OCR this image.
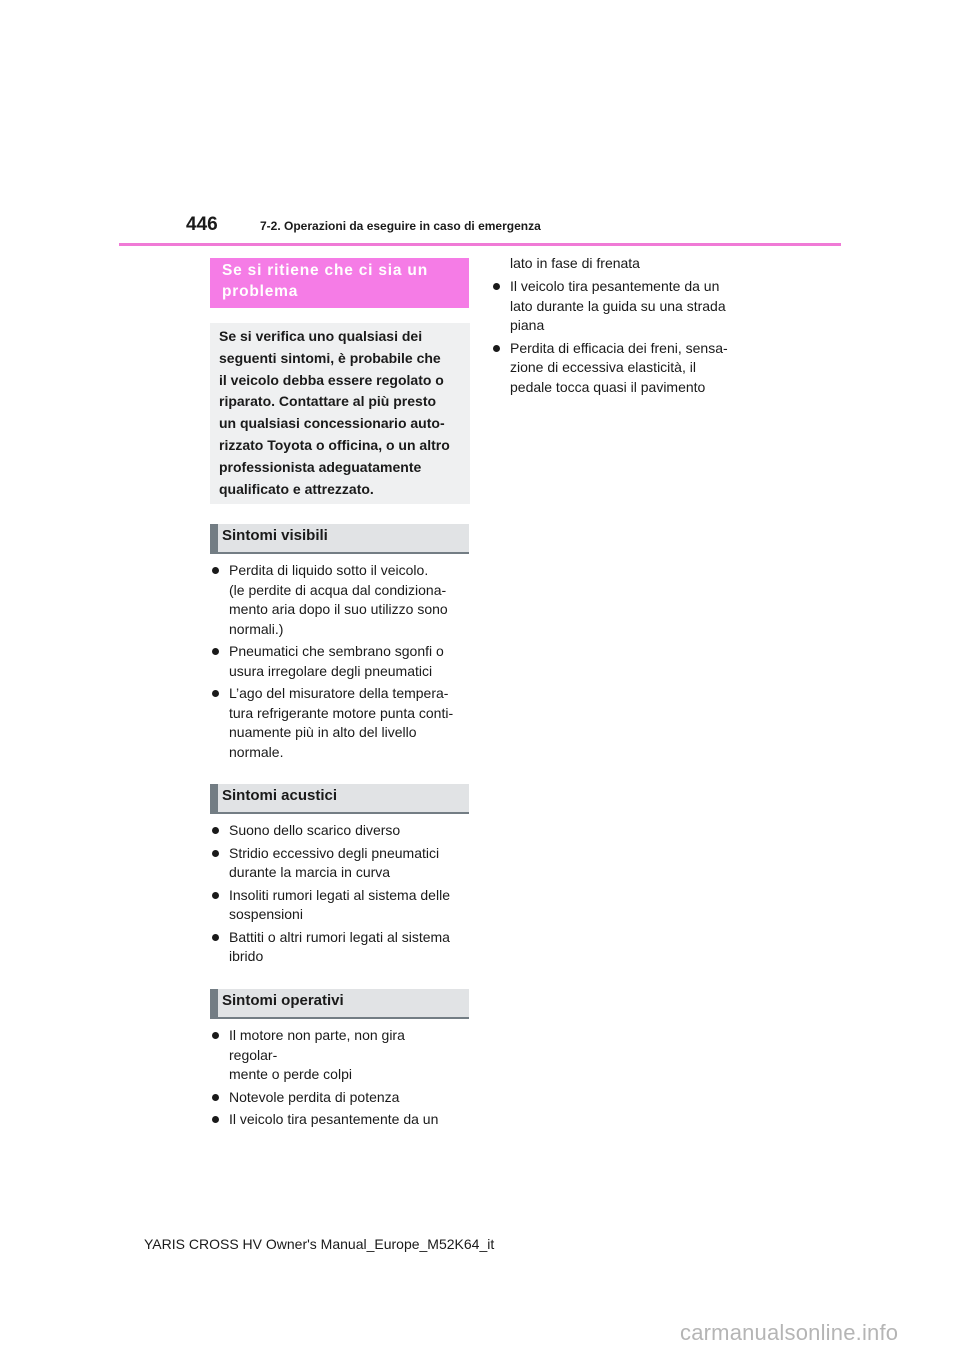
446	7-2. Operazioni da eseguire in caso di emergenza
Se si ritiene che ci sia un
problema
Se si verifica uno qualsiasi dei
seguenti sintomi, è probabile che
il veicolo debba essere regolato o
riparato. Contattare al più presto
un qualsiasi concessionario auto-
rizzato Toyota o officina, o un altro
professionista adeguatamente
qualificato e attrezzato.
Sintomi visibili
Perdita di liquido sotto il veicolo.
(le perdite di acqua dal condiziona-
mento aria dopo il suo utilizzo sono
normali.)
Pneumatici che sembrano sgonfi o
usura irregolare degli pneumatici
L’ago del misuratore della tempera-
tura refrigerante motore punta conti-
nuamente più in alto del livello
normale.
Sintomi acustici
Suono dello scarico diverso
Stridio eccessivo degli pneumatici
durante la marcia in curva
Insoliti rumori legati al sistema delle
sospensioni
Battiti o altri rumori legati al sistema
ibrido
Sintomi operativi
Il motore non parte, non gira regolar-
mente o perde colpi
Notevole perdita di potenza
Il veicolo tira pesantemente da un
lato in fase di frenata
Il veicolo tira pesantemente da un
lato durante la guida su una strada
piana
Perdita di efficacia dei freni, sensa-
zione di eccessiva elasticità, il
pedale tocca quasi il pavimento
YARIS CROSS HV Owner's Manual_Europe_M52K64_it
carmanualsonline.info
